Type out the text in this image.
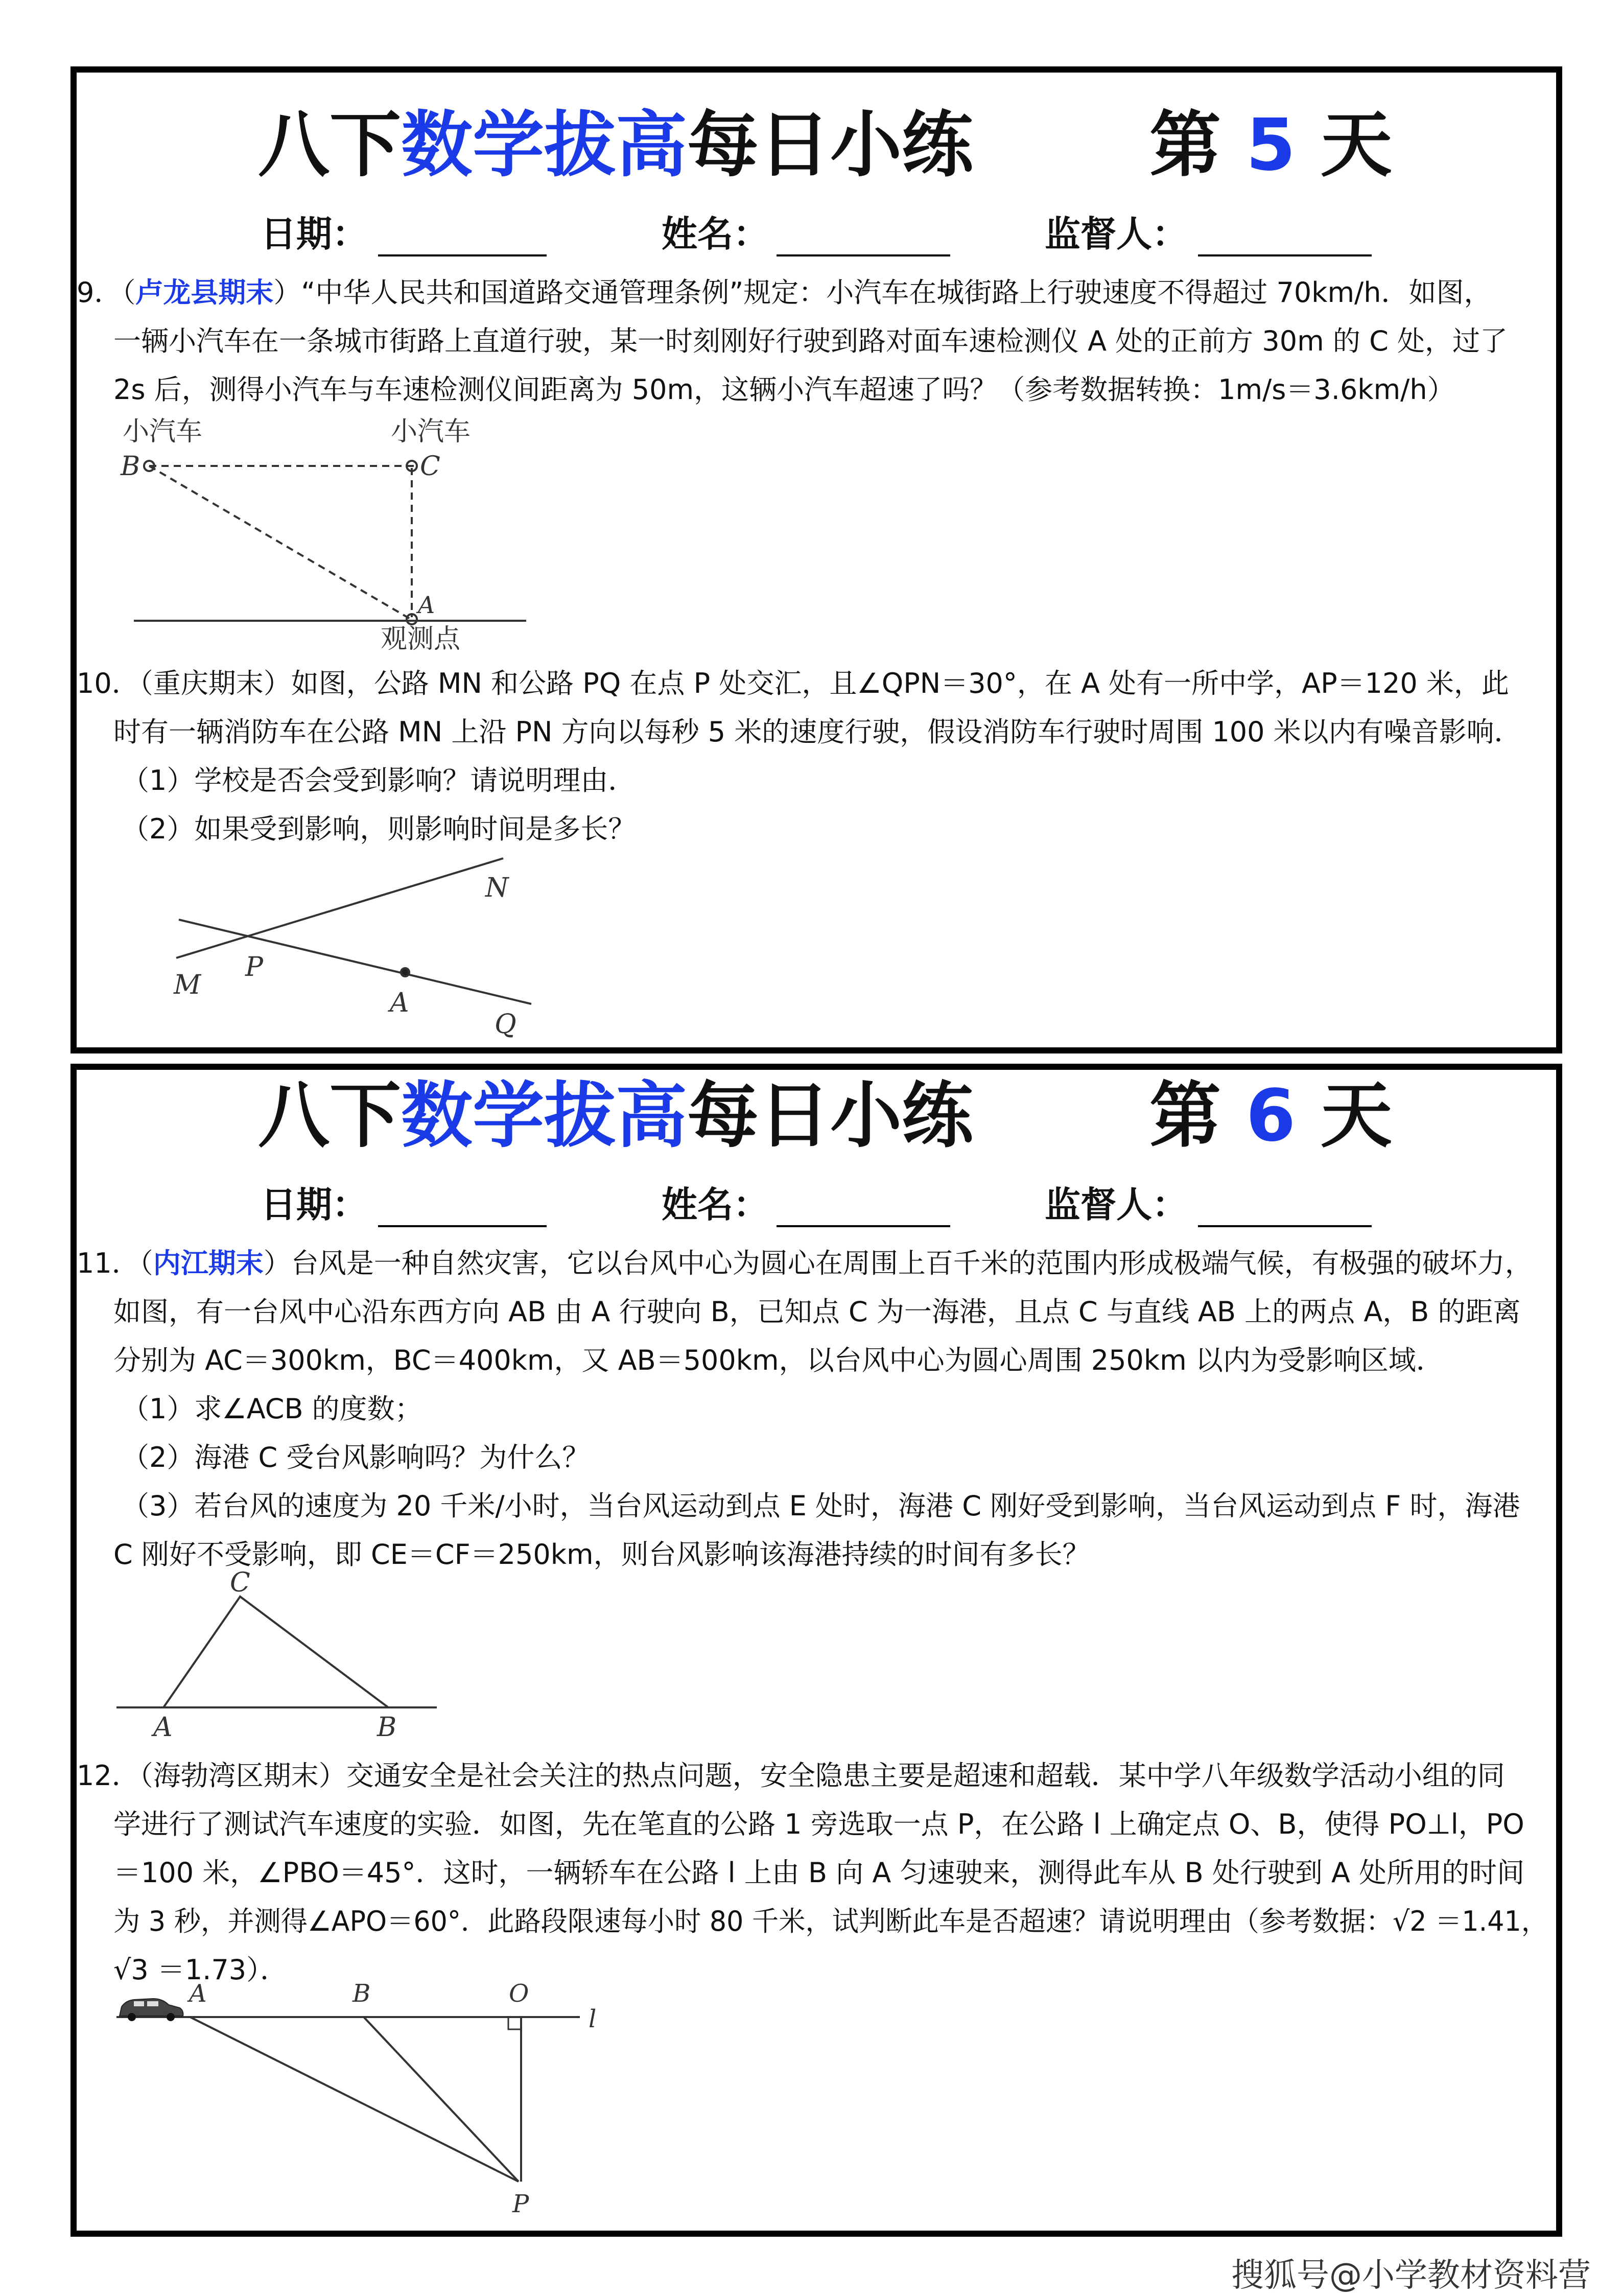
八下数学拔高每日小练 第 5 天
日期：	姓名：	监督人：
9．（卢龙县期末）“中华人民共和国道路交通管理条例”规定：小汽车在城街路上行驶速度不得超过 70km/h．如图，
一辆小汽车在一条城市街路上直道行驶，某一时刻刚好行驶到路对面车速检测仪 A 处的正前方 30m 的 C 处，过了
2s 后，测得小汽车与车速检测仪间距离为 50m，这辆小汽车超速了吗？（参考数据转换：1m/s＝3.6km/h）
小汽车	小汽车
B	C
A
观测点
N
M
P
A
Q
C
A	B
A	B	O
l
P
10．（重庆期末）如图，公路 MN 和公路 PQ 在点 P 处交汇，且∠QPN＝30°，在 A 处有一所中学，AP＝120 米，此
时有一辆消防车在公路 MN 上沿 PN 方向以每秒 5 米的速度行驶，假设消防车行驶时周围 100 米以内有噪音影响．
（1）学校是否会受到影响？请说明理由．
（2）如果受到影响，则影响时间是多长？
八下数学拔高每日小练 第 6 天
日期：	姓名：	监督人：
11．（内江期末）台风是一种自然灾害，它以台风中心为圆心在周围上百千米的范围内形成极端气候，有极强的破坏力，
如图，有一台风中心沿东西方向 AB 由 A 行驶向 B，已知点 C 为一海港，且点 C 与直线 AB 上的两点 A，B 的距离
分别为 AC＝300km，BC＝400km，又 AB＝500km，以台风中心为圆心周围 250km 以内为受影响区域．
（1）求∠ACB 的度数；
（2）海港 C 受台风影响吗？为什么？
（3）若台风的速度为 20 千米/小时，当台风运动到点 E 处时，海港 C 刚好受到影响，当台风运动到点 F 时，海港
C 刚好不受影响，即 CE＝CF＝250km，则台风影响该海港持续的时间有多长？
12．（海勃湾区期末）交通安全是社会关注的热点问题，安全隐患主要是超速和超载．某中学八年级数学活动小组的同
学进行了测试汽车速度的实验．如图，先在笔直的公路 1 旁选取一点 P，在公路 l 上确定点 O、B，使得 PO⊥l，PO
＝100 米，∠PBO＝45°．这时，一辆轿车在公路 l 上由 B 向 A 匀速驶来，测得此车从 B 处行驶到 A 处所用的时间
为 3 秒，并测得∠APO＝60°．此路段限速每小时 80 千米，试判断此车是否超速？请说明理由（参考数据：√2 ＝1.41，
√3 ＝1.73）．
搜狐号@小学教材资料营
